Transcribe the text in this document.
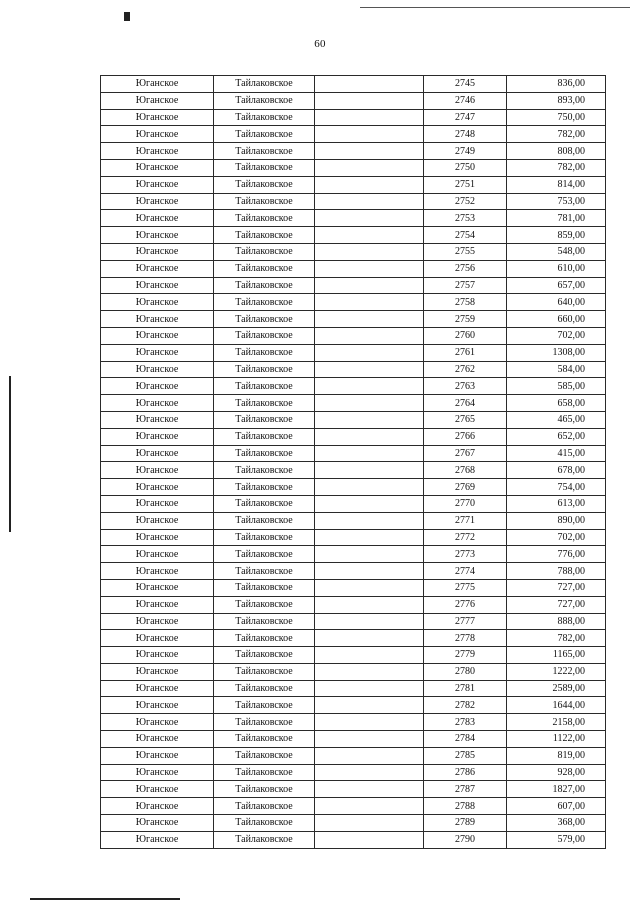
60
Юганское	Тайлаковское		2745	836,00
Юганское	Тайлаковское		2746	893,00
Юганское	Тайлаковское		2747	750,00
Юганское	Тайлаковское		2748	782,00
Юганское	Тайлаковское		2749	808,00
Юганское	Тайлаковское		2750	782,00
Юганское	Тайлаковское		2751	814,00
Юганское	Тайлаковское		2752	753,00
Юганское	Тайлаковское		2753	781,00
Юганское	Тайлаковское		2754	859,00
Юганское	Тайлаковское		2755	548,00
Юганское	Тайлаковское		2756	610,00
Юганское	Тайлаковское		2757	657,00
Юганское	Тайлаковское		2758	640,00
Юганское	Тайлаковское		2759	660,00
Юганское	Тайлаковское		2760	702,00
Юганское	Тайлаковское		2761	1308,00
Юганское	Тайлаковское		2762	584,00
Юганское	Тайлаковское		2763	585,00
Юганское	Тайлаковское		2764	658,00
Юганское	Тайлаковское		2765	465,00
Юганское	Тайлаковское		2766	652,00
Юганское	Тайлаковское		2767	415,00
Юганское	Тайлаковское		2768	678,00
Юганское	Тайлаковское		2769	754,00
Юганское	Тайлаковское		2770	613,00
Юганское	Тайлаковское		2771	890,00
Юганское	Тайлаковское		2772	702,00
Юганское	Тайлаковское		2773	776,00
Юганское	Тайлаковское		2774	788,00
Юганское	Тайлаковское		2775	727,00
Юганское	Тайлаковское		2776	727,00
Юганское	Тайлаковское		2777	888,00
Юганское	Тайлаковское		2778	782,00
Юганское	Тайлаковское		2779	1165,00
Юганское	Тайлаковское		2780	1222,00
Юганское	Тайлаковское		2781	2589,00
Юганское	Тайлаковское		2782	1644,00
Юганское	Тайлаковское		2783	2158,00
Юганское	Тайлаковское		2784	1122,00
Юганское	Тайлаковское		2785	819,00
Юганское	Тайлаковское		2786	928,00
Юганское	Тайлаковское		2787	1827,00
Юганское	Тайлаковское		2788	607,00
Юганское	Тайлаковское		2789	368,00
Юганское	Тайлаковское		2790	579,00
